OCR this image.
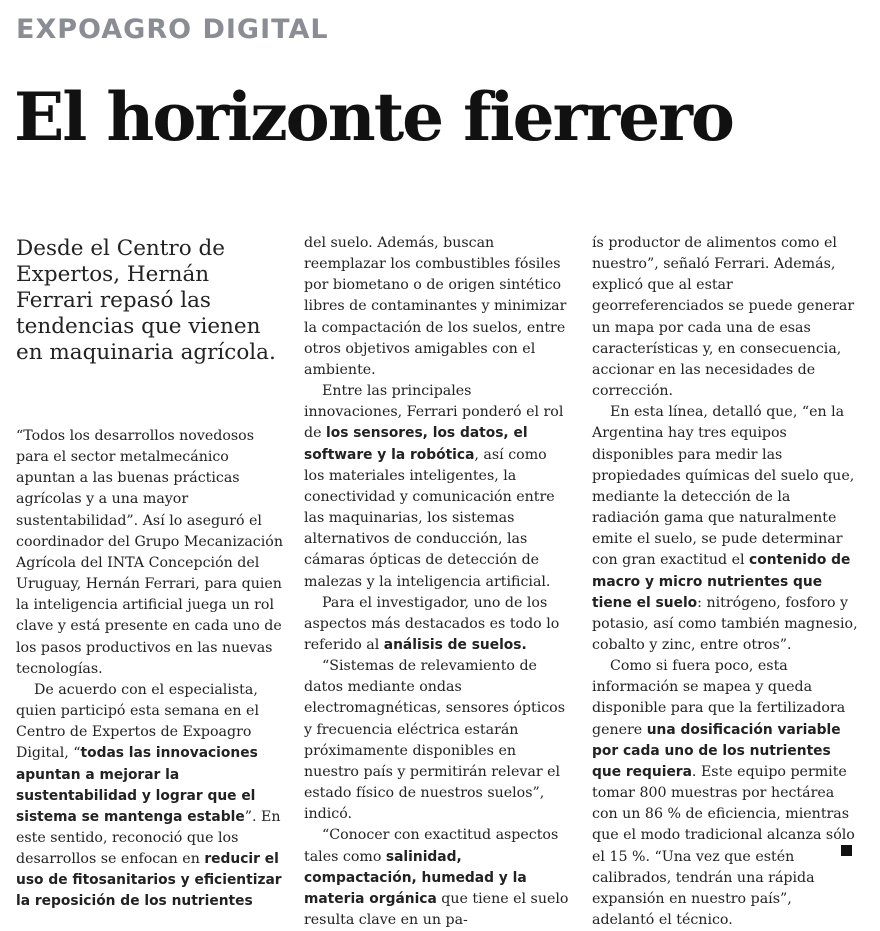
EXPOAGRO DIGITAL
El horizonte fierrero
Desde el Centro de Expertos, Hernán Ferrari repasó las tendencias que vienen en maquinaria agrícola.

“Todos los desarrollos novedosos para el sector metalmecánico apuntan a las buenas prácticas agrícolas y a una mayor sustentabilidad”. Así lo aseguró el coordinador del Grupo Mecanización Agrícola del INTA Concepción del Uruguay, Hernán Ferrari, para quien la inteligencia artificial juega un rol clave y está presente en cada uno de los pasos productivos en las nuevas tecnologías.

De acuerdo con el especialista, quien participó esta semana en el Centro de Expertos de Expoagro Digital, “todas las innovaciones apuntan a mejorar la sustentabilidad y lograr que el sistema se mantenga estable”. En este sentido, reconoció que los desarrollos se enfocan en reducir el uso de fitosanitarios y eficientizar la reposición de los nutrientes

del suelo. Además, buscan reemplazar los combustibles fósiles por biometano o de origen sintético libres de contaminantes y minimizar la compactación de los suelos, entre otros objetivos amigables con el ambiente.

Entre las principales innovaciones, Ferrari ponderó el rol de los sensores, los datos, el software y la robótica, así como los materiales inteligentes, la conectividad y comunicación entre las maquinarias, los sistemas alternativos de conducción, las cámaras ópticas de detección de malezas y la inteligencia artificial.

Para el investigador, uno de los aspectos más destacados es todo lo referido al análisis de suelos.

“Sistemas de relevamiento de datos mediante ondas electromagnéticas, sensores ópticos y frecuencia eléctrica estarán próximamente disponibles en nuestro país y permitirán relevar el estado físico de nuestros suelos”, indicó.

“Conocer con exactitud aspectos tales como salinidad, compactación, humedad y la materia orgánica que tiene el suelo resulta clave en un pa-

ís productor de alimentos como el nuestro”, señaló Ferrari. Además, explicó que al estar georreferenciados se puede generar un mapa por cada una de esas características y, en consecuencia, accionar en las necesidades de corrección.

En esta línea, detalló que, “en la Argentina hay tres equipos disponibles para medir las propiedades químicas del suelo que, mediante la detección de la radiación gama que naturalmente emite el suelo, se pude determinar con gran exactitud el contenido de macro y micro nutrientes que tiene el suelo: nitrógeno, fosforo y potasio, así como también magnesio, cobalto y zinc, entre otros”.

Como si fuera poco, esta información se mapea y queda disponible para que la fertilizadora genere una dosificación variable por cada uno de los nutrientes que requiera. Este equipo permite tomar 800 muestras por hectárea con un 86 % de eficiencia, mientras que el modo tradicional alcanza sólo el 15 %. “Una vez que estén calibrados, tendrán una rápida expansión en nuestro país”, adelantó el técnico.
